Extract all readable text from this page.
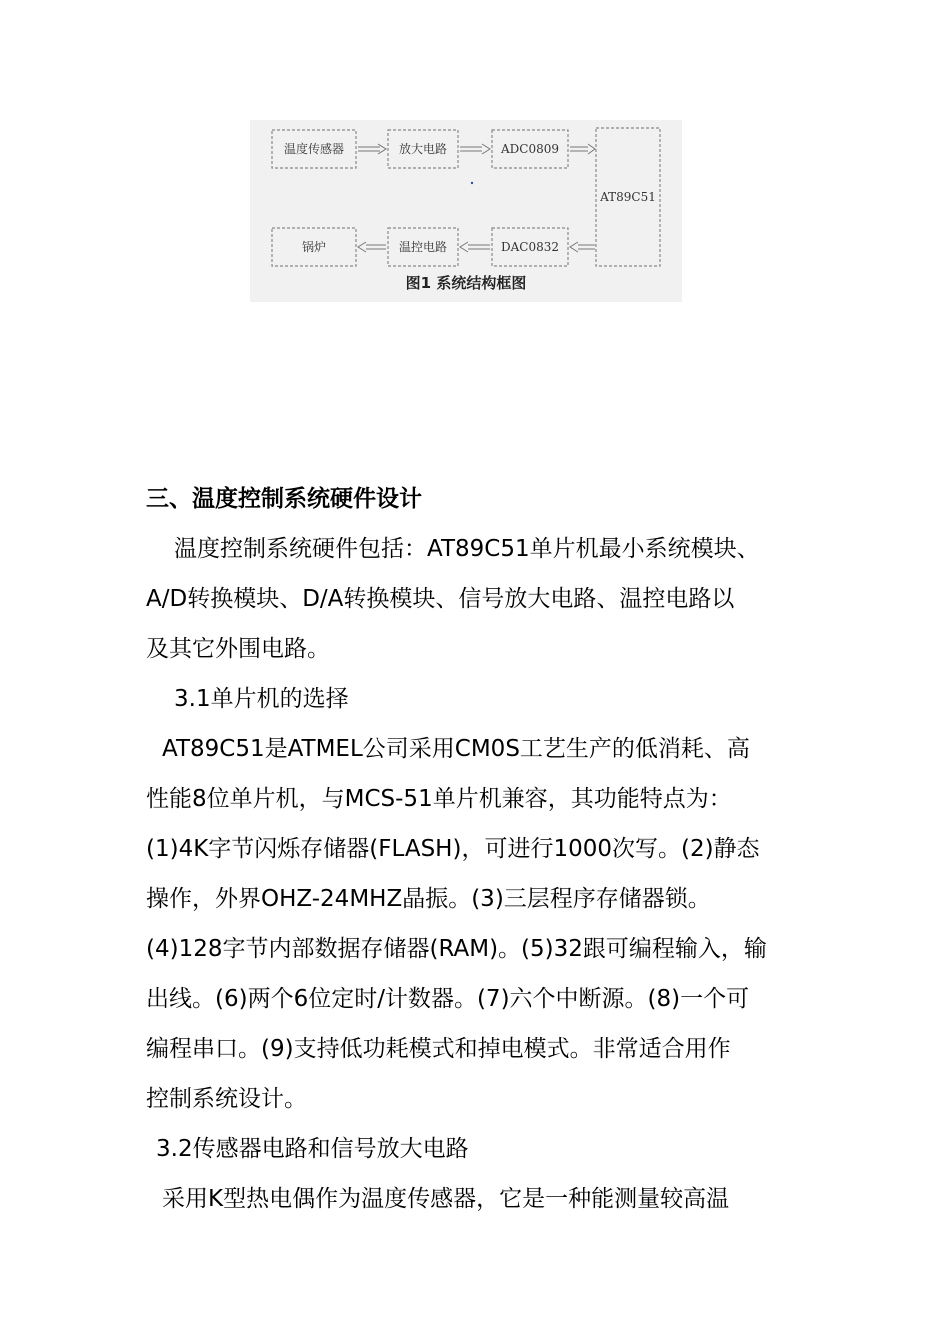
温度传感器	放大电路	ADC0809
锅炉	温控电路	DAC0832
AT89C51
图1 系统结构框图
三、温度控制系统硬件设计
温度控制系统硬件包括：AT89C51单片机最小系统模块、
A/D转换模块、D/A转换模块、信号放大电路、温控电路以
及其它外围电路。
3.1单片机的选择
AT89C51是ATMEL公司采用CM0S工艺生产的低消耗、高
性能8位单片机，与MCS-51单片机兼容，其功能特点为：
(1)4K字节闪烁存储器(FLASH)，可进行1000次写。(2)静态
操作，外界OHZ-24MHZ晶振。(3)三层程序存储器锁。
(4)128字节内部数据存储器(RAM)。(5)32跟可编程输入，输
出线。(6)两个6位定时/计数器。(7)六个中断源。(8)一个可
编程串口。(9)支持低功耗模式和掉电模式。非常适合用作
控制系统设计。
3.2传感器电路和信号放大电路
采用K型热电偶作为温度传感器，它是一种能测量较高温
